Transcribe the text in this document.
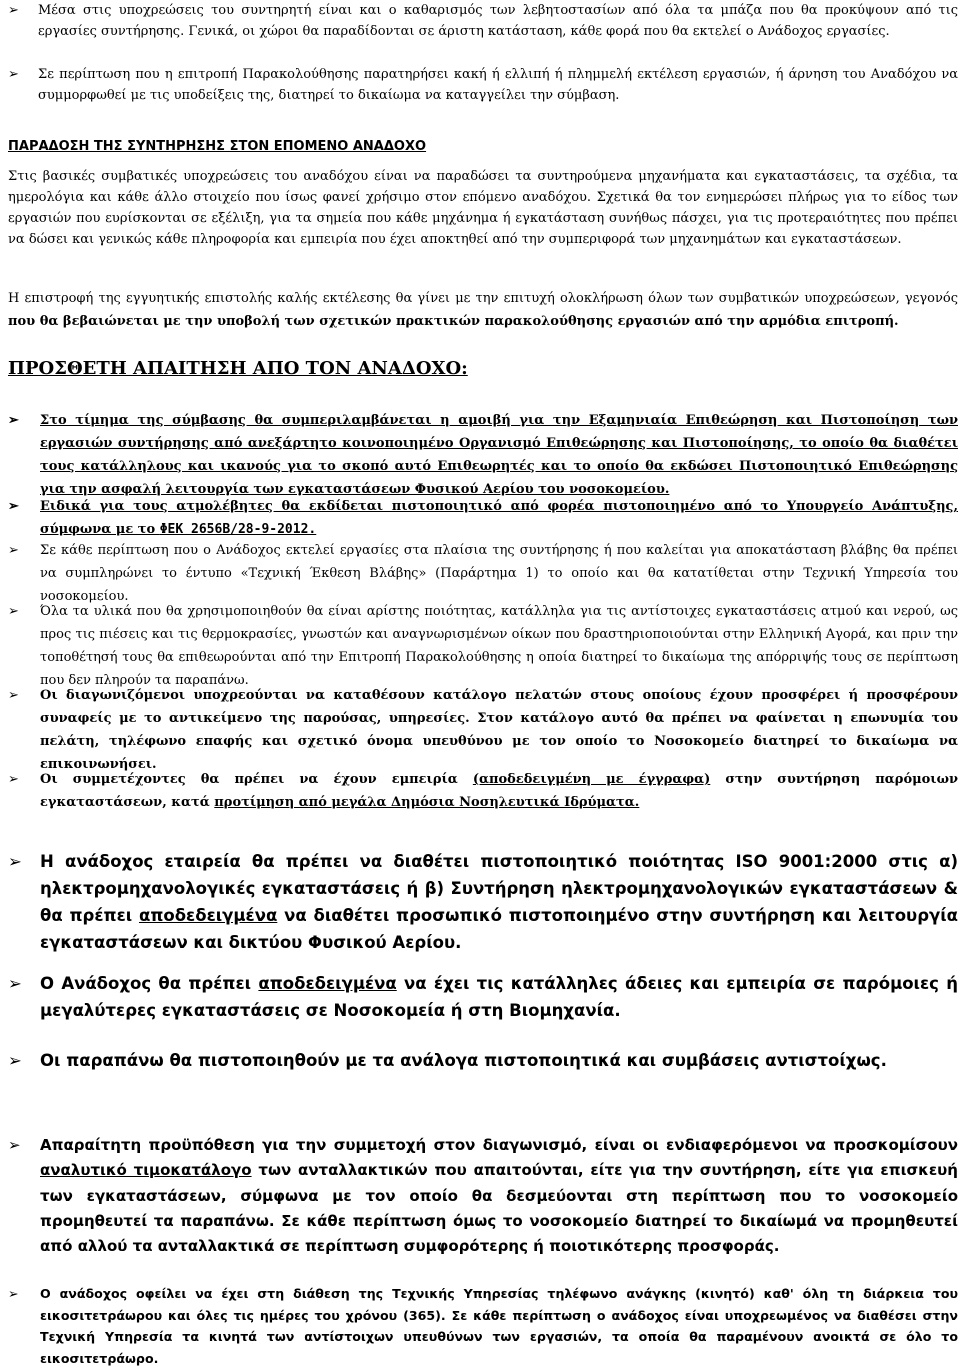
➢	Μέσα στις υποχρεώσεις του συντηρητή είναι και ο καθαρισμός των λεβητοστασίων από όλα τα μπάζα που θα προκύψουν από τις εργασίες συντήρησης. Γενικά, οι χώροι θα παραδίδονται σε άριστη κατάσταση, κάθε φορά που θα εκτελεί ο Ανάδοχος εργασίες.
➢	Σε περίπτωση που η επιτροπή Παρακολούθησης παρατηρήσει κακή ή ελλιπή ή πλημμελή εκτέλεση εργασιών, ή άρνηση του Αναδόχου να συμμορφωθεί με τις υποδείξεις της, διατηρεί το δικαίωμα να καταγγείλει την σύμβαση.
ΠΑΡΑΔΟΣΗ ΤΗΣ ΣΥΝΤΗΡΗΣΗΣ ΣΤΟΝ ΕΠΟΜΕΝΟ ΑΝΑΔΟΧΟ
Στις βασικές συμβατικές υποχρεώσεις του αναδόχου είναι να παραδώσει τα συντηρούμενα μηχανήματα και εγκαταστάσεις, τα σχέδια, τα ημερολόγια και κάθε άλλο στοιχείο που ίσως φανεί χρήσιμο στον επόμενο αναδόχου. Σχετικά θα τον ενημερώσει πλήρως για το είδος των εργασιών που ευρίσκονται σε εξέλιξη, για τα σημεία που κάθε μηχάνημα ή εγκατάσταση συνήθως πάσχει, για τις προτεραιότητες που πρέπει να δώσει και γενικώς κάθε πληροφορία και εμπειρία που έχει αποκτηθεί από την συμπεριφορά των μηχανημάτων και εγκαταστάσεων.
Η επιστροφή της εγγυητικής επιστολής καλής εκτέλεσης θα γίνει με την επιτυχή ολοκλήρωση όλων των συμβατικών υποχρεώσεων, γεγονός που θα βεβαιώνεται με την υποβολή των σχετικών πρακτικών παρακολούθησης εργασιών από την αρμόδια επιτροπή.
ΠΡΟΣΘΕΤΗ ΑΠΑΙΤΗΣΗ ΑΠΟ ΤΟΝ ΑΝΑΔΟΧΟ:
➢	Στο τίμημα της σύμβασης θα συμπεριλαμβάνεται η αμοιβή για την Εξαμηνιαία Επιθεώρηση και Πιστοποίηση των εργασιών συντήρησης από ανεξάρτητο κοινοποιημένο Οργανισμό Επιθεώρησης και Πιστοποίησης, το οποίο θα διαθέτει τους κατάλληλους και ικανούς για το σκοπό αυτό Επιθεωρητές και το οποίο θα εκδώσει Πιστοποιητικό Επιθεώρησης για την ασφαλή λειτουργία των εγκαταστάσεων Φυσικού Αερίου του νοσοκομείου.
➢	Ειδικά για τους ατμολέβητες θα εκδίδεται πιστοποιητικό από φορέα πιστοποιημένο από το Υπουργείο Ανάπτυξης, σύμφωνα με το ΦΕΚ 2656Β/28-9-2012.
➢	Σε κάθε περίπτωση που ο Ανάδοχος εκτελεί εργασίες στα πλαίσια της συντήρησης ή που καλείται για αποκατάσταση βλάβης θα πρέπει να συμπληρώνει το έντυπο «Τεχνική Έκθεση Βλάβης» (Παράρτημα 1) το οποίο και θα κατατίθεται στην Τεχνική Υπηρεσία του νοσοκομείου.
➢	Όλα τα υλικά που θα χρησιμοποιηθούν θα είναι αρίστης ποιότητας, κατάλληλα για τις αντίστοιχες εγκαταστάσεις ατμού και νερού, ως προς τις πιέσεις και τις θερμοκρασίες, γνωστών και αναγνωρισμένων οίκων που δραστηριοποιούνται στην Ελληνική Αγορά, και πριν την τοποθέτησή τους θα επιθεωρούνται από την Επιτροπή Παρακολούθησης η οποία διατηρεί το δικαίωμα της απόρριψής τους σε περίπτωση που δεν πληρούν τα παραπάνω.
➢	Οι διαγωνιζόμενοι υποχρεούνται να καταθέσουν κατάλογο πελατών στους οποίους έχουν προσφέρει ή προσφέρουν συναφείς με το αντικείμενο της παρούσας, υπηρεσίες. Στον κατάλογο αυτό θα πρέπει να φαίνεται η επωνυμία του πελάτη, τηλέφωνο επαφής και σχετικό όνομα υπευθύνου με τον οποίο το Νοσοκομείο διατηρεί το δικαίωμα να επικοινωνήσει.
➢	Οι συμμετέχοντες θα πρέπει να έχουν εμπειρία (αποδεδειγμένη με έγγραφα) στην συντήρηση παρόμοιων εγκαταστάσεων, κατά προτίμηση από μεγάλα Δημόσια Νοσηλευτικά Ιδρύματα.
➢	Η ανάδοχος εταιρεία θα πρέπει να διαθέτει πιστοποιητικό ποιότητας ISO 9001:2000 στις α) ηλεκτρομηχανολογικές εγκαταστάσεις ή β) Συντήρηση ηλεκτρομηχανολογικών εγκαταστάσεων & θα πρέπει αποδεδειγμένα να διαθέτει προσωπικό πιστοποιημένο στην συντήρηση και λειτουργία εγκαταστάσεων και δικτύου Φυσικού Αερίου.
➢	Ο Ανάδοχος θα πρέπει αποδεδειγμένα να έχει τις κατάλληλες άδειες και εμπειρία σε παρόμοιες ή μεγαλύτερες εγκαταστάσεις σε Νοσοκομεία ή στη Βιομηχανία.
➢	Οι παραπάνω θα πιστοποιηθούν με τα ανάλογα πιστοποιητικά και συμβάσεις αντιστοίχως.
➢	Απαραίτητη προϋπόθεση για την συμμετοχή στον διαγωνισμό, είναι οι ενδιαφερόμενοι να προσκομίσουν αναλυτικό τιμοκατάλογο των ανταλλακτικών που απαιτούνται, είτε για την συντήρηση, είτε για επισκευή των εγκαταστάσεων, σύμφωνα με τον οποίο θα δεσμεύονται στη περίπτωση που το νοσοκομείο προμηθευτεί τα παραπάνω. Σε κάθε περίπτωση όμως το νοσοκομείο διατηρεί το δικαίωμά να προμηθευτεί από αλλού τα ανταλλακτικά σε περίπτωση συμφορότερης ή ποιοτικότερης προσφοράς.
➢	Ο ανάδοχος οφείλει να έχει στη διάθεση της Τεχνικής Υπηρεσίας τηλέφωνο ανάγκης (κινητό) καθ' όλη τη διάρκεια του εικοσιτετράωρου και όλες τις ημέρες του χρόνου (365). Σε κάθε περίπτωση ο ανάδοχος είναι υποχρεωμένος να διαθέσει στην Τεχνική Υπηρεσία τα κινητά των αντίστοιχων υπευθύνων των εργασιών, τα οποία θα παραμένουν ανοικτά σε όλο το εικοσιτετράωρο.
